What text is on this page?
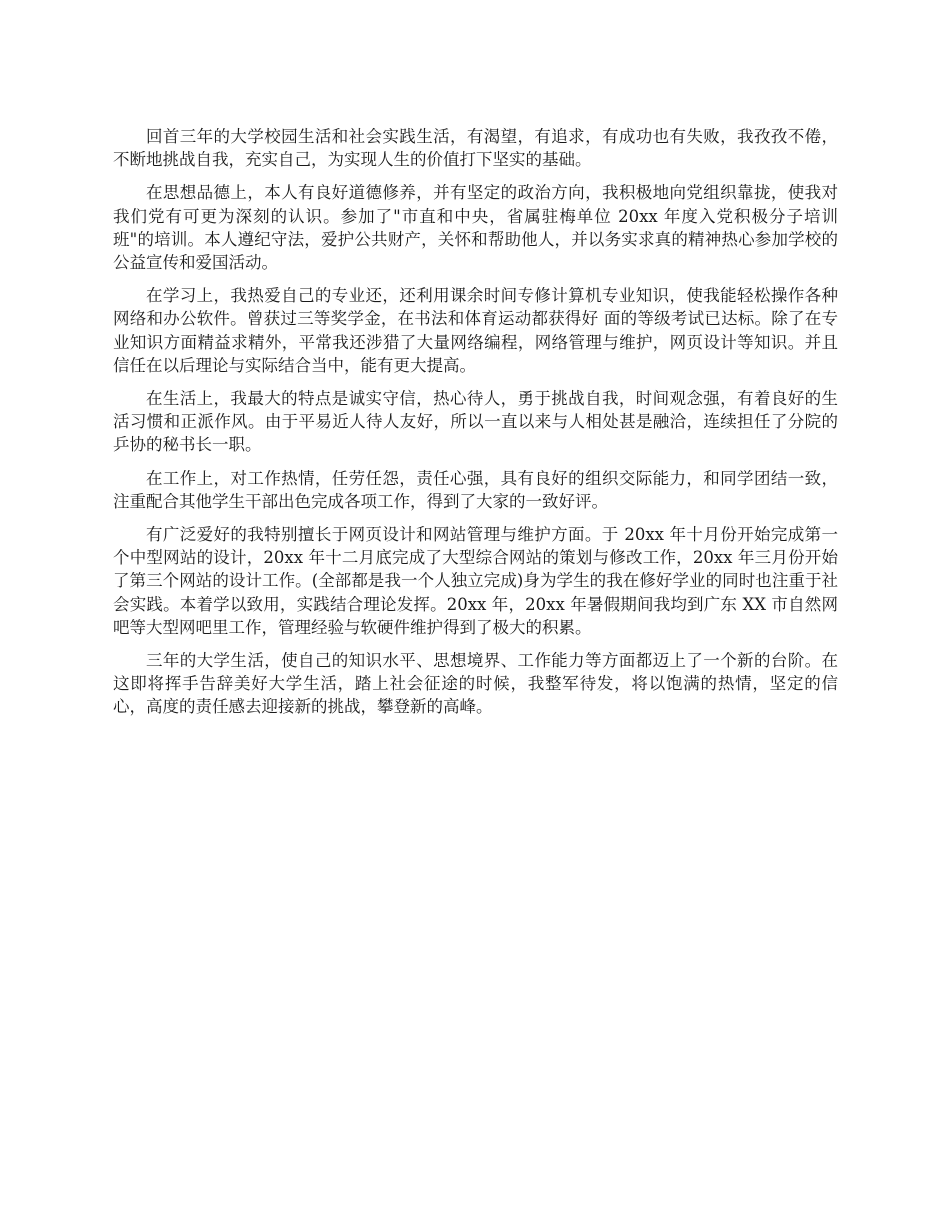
回首三年的大学校园生活和社会实践生活，有渴望，有追求，有成功也有失败，我孜孜不倦，不断地挑战自我，充实自己，为实现人生的价值打下坚实的基础。

在思想品德上，本人有良好道德修养，并有坚定的政治方向，我积极地向党组织靠拢，使我对我们党有可更为深刻的认识。参加了"市直和中央，省属驻梅单位 20xx 年度入党积极分子培训班"的培训。本人遵纪守法，爱护公共财产，关怀和帮助他人，并以务实求真的精神热心参加学校的公益宣传和爱国活动。

在学习上，我热爱自己的专业还，还利用课余时间专修计算机专业知识，使我能轻松操作各种网络和办公软件。曾获过三等奖学金，在书法和体育运动都获得好 面的等级考试已达标。除了在专业知识方面精益求精外，平常我还涉猎了大量网络编程，网络管理与维护，网页设计等知识。并且信任在以后理论与实际结合当中，能有更大提高。

在生活上，我最大的特点是诚实守信，热心待人，勇于挑战自我，时间观念强，有着良好的生活习惯和正派作风。由于平易近人待人友好，所以一直以来与人相处甚是融洽，连续担任了分院的乒协的秘书长一职。

在工作上，对工作热情，任劳任怨，责任心强，具有良好的组织交际能力，和同学团结一致，注重配合其他学生干部出色完成各项工作，得到了大家的一致好评。

有广泛爱好的我特别擅长于网页设计和网站管理与维护方面。于 20xx 年十月份开始完成第一个中型网站的设计，20xx 年十二月底完成了大型综合网站的策划与修改工作，20xx 年三月份开始了第三个网站的设计工作。(全部都是我一个人独立完成)身为学生的我在修好学业的同时也注重于社会实践。本着学以致用，实践结合理论发挥。20xx 年，20xx 年暑假期间我均到广东 XX 市自然网吧等大型网吧里工作，管理经验与软硬件维护得到了极大的积累。

三年的大学生活，使自己的知识水平、思想境界、工作能力等方面都迈上了一个新的台阶。在这即将挥手告辞美好大学生活，踏上社会征途的时候，我整军待发，将以饱满的热情，坚定的信心，高度的责任感去迎接新的挑战，攀登新的高峰。
